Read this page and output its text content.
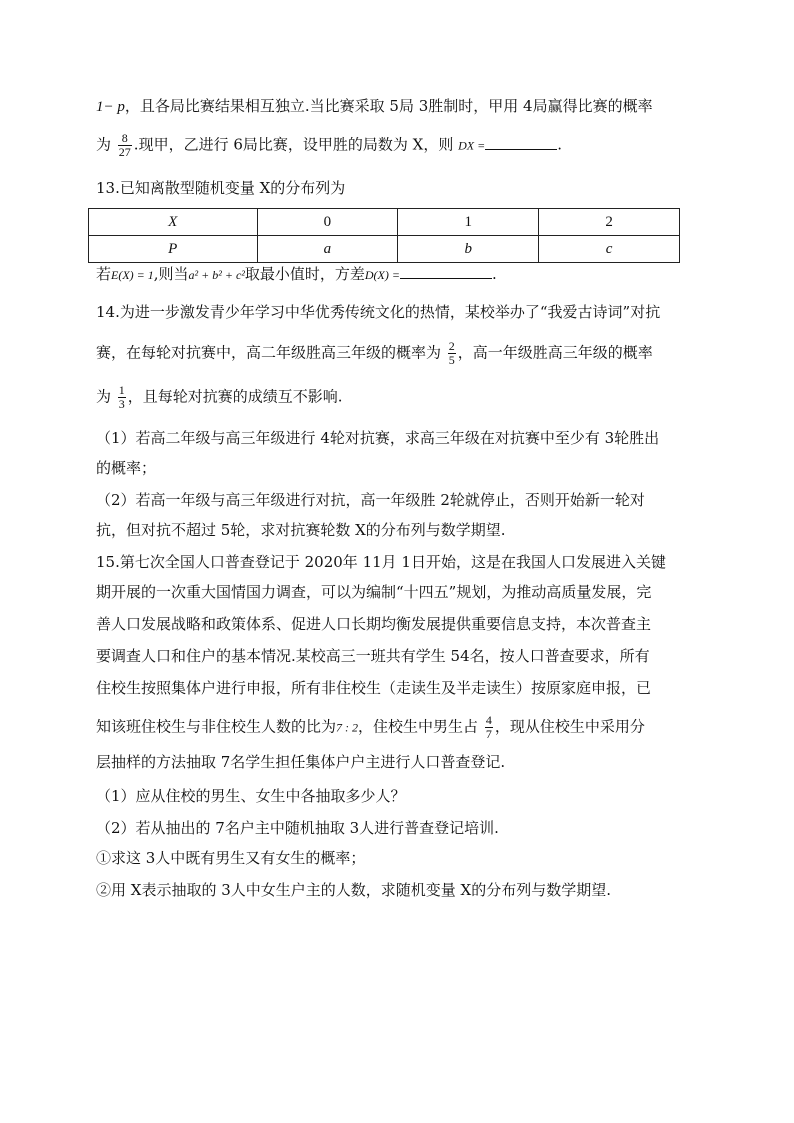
1− p，且各局比赛结果相互独立.当比赛采取 5局 3胜制时，甲用 4局赢得比赛的概率
为 $\frac{8}{27}$ .现甲，乙进行 6局比赛，设甲胜的局数为 X，则 DX =	.
13.已知离散型随机变量 X的分布列为
X	0	1	2
P	a	b	c
若E(X) = 1,则当a² + b² + c²取最小值时，方差D(X) =	.
14.为进一步激发青少年学习中华优秀传统文化的热情，某校举办了“我爱古诗词”对抗
赛，在每轮对抗赛中，高二年级胜高三年级的概率为 $\frac{2}{5}$ ，高一年级胜高三年级的概率
为 $\frac{1}{3}$ ，且每轮对抗赛的成绩互不影响.
（1）若高二年级与高三年级进行 4轮对抗赛，求高三年级在对抗赛中至少有 3轮胜出
的概率；
（2）若高一年级与高三年级进行对抗，高一年级胜 2轮就停止，否则开始新一轮对
抗，但对抗不超过 5轮，求对抗赛轮数 X的分布列与数学期望.
15.第七次全国人口普查登记于 2020年 11月 1日开始，这是在我国人口发展进入关键
期开展的一次重大国情国力调查，可以为编制“十四五”规划，为推动高质量发展，完
善人口发展战略和政策体系、促进人口长期均衡发展提供重要信息支持，本次普查主
要调查人口和住户的基本情况.某校高三一班共有学生 54名，按人口普查要求，所有
住校生按照集体户进行申报，所有非住校生（走读生及半走读生）按原家庭申报，已
知该班住校生与非住校生人数的比为7 : 2，住校生中男生占 $\frac{4}{7}$ ，现从住校生中采用分
层抽样的方法抽取 7名学生担任集体户户主进行人口普查登记.
（1）应从住校的男生、女生中各抽取多少人？
（2）若从抽出的 7名户主中随机抽取 3人进行普查登记培训.
①求这 3人中既有男生又有女生的概率；
②用 X表示抽取的 3人中女生户主的人数，求随机变量 X的分布列与数学期望.
